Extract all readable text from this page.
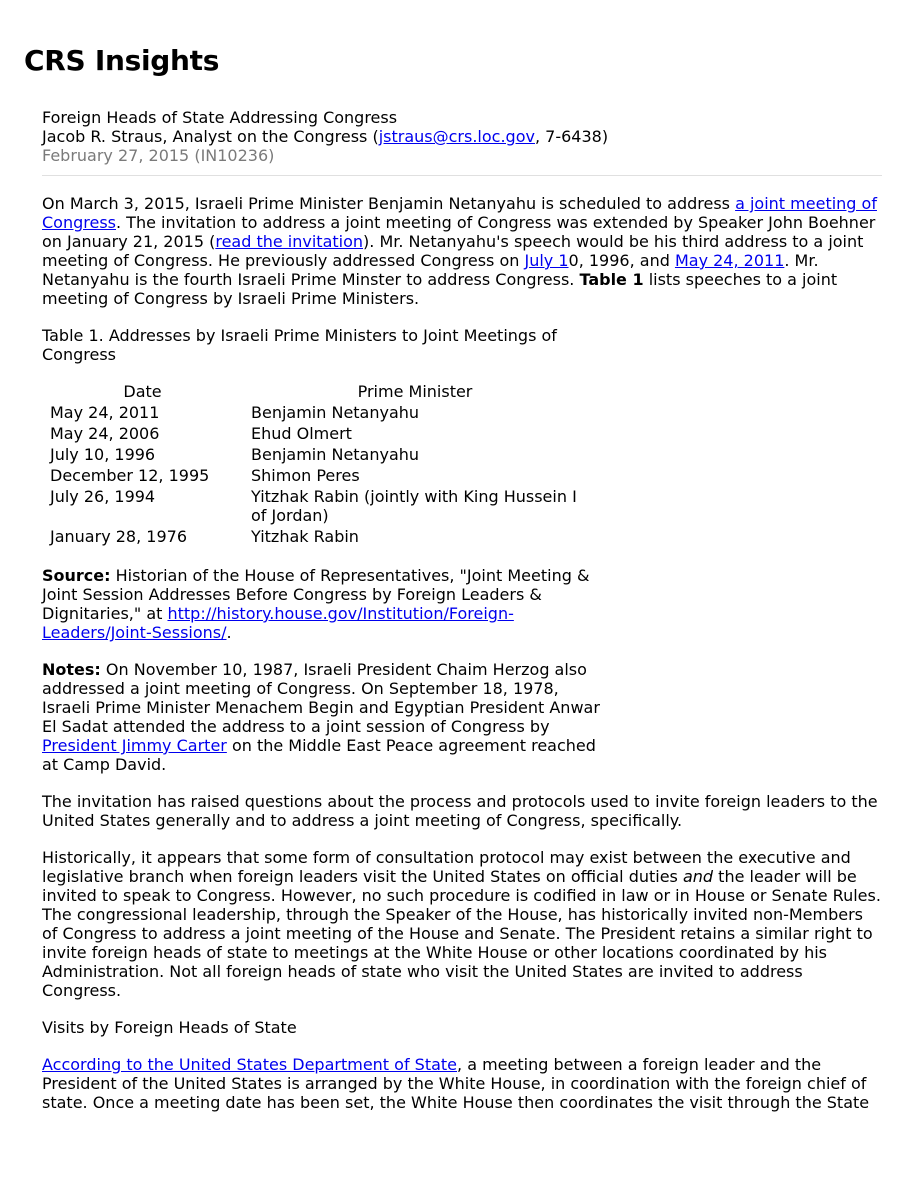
CRS Insights
Foreign Heads of State Addressing Congress
Jacob R. Straus, Analyst on the Congress (jstraus@crs.loc.gov, 7-6438)
February 27, 2015 (IN10236)

On March 3, 2015, Israeli Prime Minister Benjamin Netanyahu is scheduled to address a joint meeting of Congress. The invitation to address a joint meeting of Congress was extended by Speaker John Boehner on January 21, 2015 (read the invitation). Mr. Netanyahu's speech would be his third address to a joint meeting of Congress. He previously addressed Congress on July 10, 1996, and May 24, 2011. Mr. Netanyahu is the fourth Israeli Prime Minster to address Congress. Table 1 lists speeches to a joint meeting of Congress by Israeli Prime Ministers.

Table 1. Addresses by Israeli Prime Ministers to Joint Meetings of Congress
Date	Prime Minister
May 24, 2011	Benjamin Netanyahu
May 24, 2006	Ehud Olmert
July 10, 1996	Benjamin Netanyahu
December 12, 1995	Shimon Peres
July 26, 1994	Yitzhak Rabin (jointly with King Hussein I of Jordan)
January 28, 1976	Yitzhak Rabin

Source: Historian of the House of Representatives, "Joint Meeting & Joint Session Addresses Before Congress by Foreign Leaders & Dignitaries," at http://history.house.gov/Institution/Foreign-Leaders/Joint-Sessions/.

Notes: On November 10, 1987, Israeli President Chaim Herzog also addressed a joint meeting of Congress. On September 18, 1978, Israeli Prime Minister Menachem Begin and Egyptian President Anwar El Sadat attended the address to a joint session of Congress by President Jimmy Carter on the Middle East Peace agreement reached at Camp David.

The invitation has raised questions about the process and protocols used to invite foreign leaders to the United States generally and to address a joint meeting of Congress, specifically.

Historically, it appears that some form of consultation protocol may exist between the executive and legislative branch when foreign leaders visit the United States on official duties and the leader will be invited to speak to Congress. However, no such procedure is codified in law or in House or Senate Rules. The congressional leadership, through the Speaker of the House, has historically invited non-Members of Congress to address a joint meeting of the House and Senate. The President retains a similar right to invite foreign heads of state to meetings at the White House or other locations coordinated by his Administration. Not all foreign heads of state who visit the United States are invited to address Congress.

Visits by Foreign Heads of State

According to the United States Department of State, a meeting between a foreign leader and the President of the United States is arranged by the White House, in coordination with the foreign chief of state. Once a meeting date has been set, the White House then coordinates the visit through the State
